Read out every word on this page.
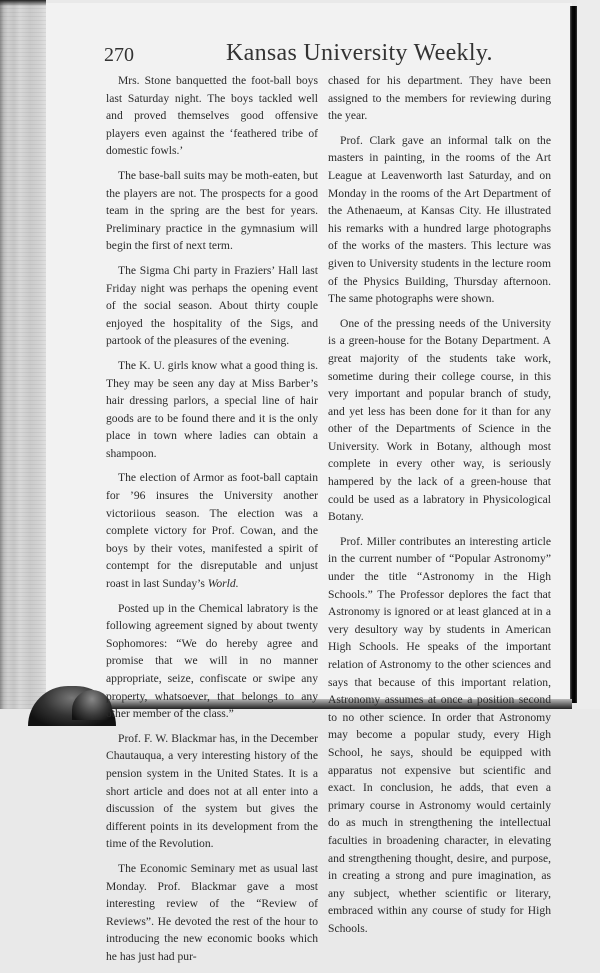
270	Kansas University Weekly.

Mrs. Stone banquetted the foot-ball boys last Saturday night. The boys tackled well and proved themselves good offensive players even against the ‘feathered tribe of domestic fowls.’

The base-ball suits may be moth-eaten, but the players are not. The prospects for a good team in the spring are the best for years. Preliminary practice in the gymnasium will begin the first of next term.

The Sigma Chi party in Fraziers’ Hall last Friday night was perhaps the opening event of the social season. About thirty couple enjoyed the hospitality of the Sigs, and partook of the pleasures of the evening.

The K. U. girls know what a good thing is. They may be seen any day at Miss Barber’s hair dressing parlors, a special line of hair goods are to be found there and it is the only place in town where ladies can obtain a shampoon.

The election of Armor as foot-ball captain for ’96 insures the University another victoriious season. The election was a complete victory for Prof. Cowan, and the boys by their votes, manifested a spirit of contempt for the disreputable and unjust roast in last Sunday’s World.

Posted up in the Chemical labratory is the following agreement signed by about twenty Sophomores: “We do hereby agree and promise that we will in no manner appropriate, seize, confiscate or swipe any property, whatsoever, that belongs to any other member of the class.”

Prof. F. W. Blackmar has, in the December Chautauqua, a very interesting history of the pension system in the United States. It is a short article and does not at all enter into a discussion of the system but gives the different points in its development from the time of the Revolution.

The Economic Seminary met as usual last Monday. Prof. Blackmar gave a most interesting review of the “Review of Reviews”. He devoted the rest of the hour to introducing the new economic books which he has just had pur-

chased for his department. They have been assigned to the members for reviewing during the year.

Prof. Clark gave an informal talk on the masters in painting, in the rooms of the Art League at Leavenworth last Saturday, and on Monday in the rooms of the Art Department of the Athenaeum, at Kansas City. He illustrated his remarks with a hundred large photographs of the works of the masters. This lecture was given to University students in the lecture room of the Physics Building, Thursday afternoon. The same photographs were shown.

One of the pressing needs of the University is a green-house for the Botany Department. A great majority of the students take work, sometime during their college course, in this very important and popular branch of study, and yet less has been done for it than for any other of the Departments of Science in the University. Work in Botany, although most complete in every other way, is seriously hampered by the lack of a green-house that could be used as a labratory in Physicological Botany.

Prof. Miller contributes an interesting article in the current number of “Popular Astronomy” under the title “Astronomy in the High Schools.” The Professor deplores the fact that Astronomy is ignored or at least glanced at in a very desultory way by students in American High Schools. He speaks of the important relation of Astronomy to the other sciences and says that because of this important relation, Astronomy assumes at once a position second to no other science. In order that Astronomy may become a popular study, every High School, he says, should be equipped with apparatus not expensive but scientific and exact. In conclusion, he adds, that even a primary course in Astronomy would certainly do as much in strengthening the intellectual faculties in broadening character, in elevating and strengthening thought, desire, and purpose, in creating a strong and pure imagination, as any subject, whether scientific or literary, embraced within any course of study for High Schools.
